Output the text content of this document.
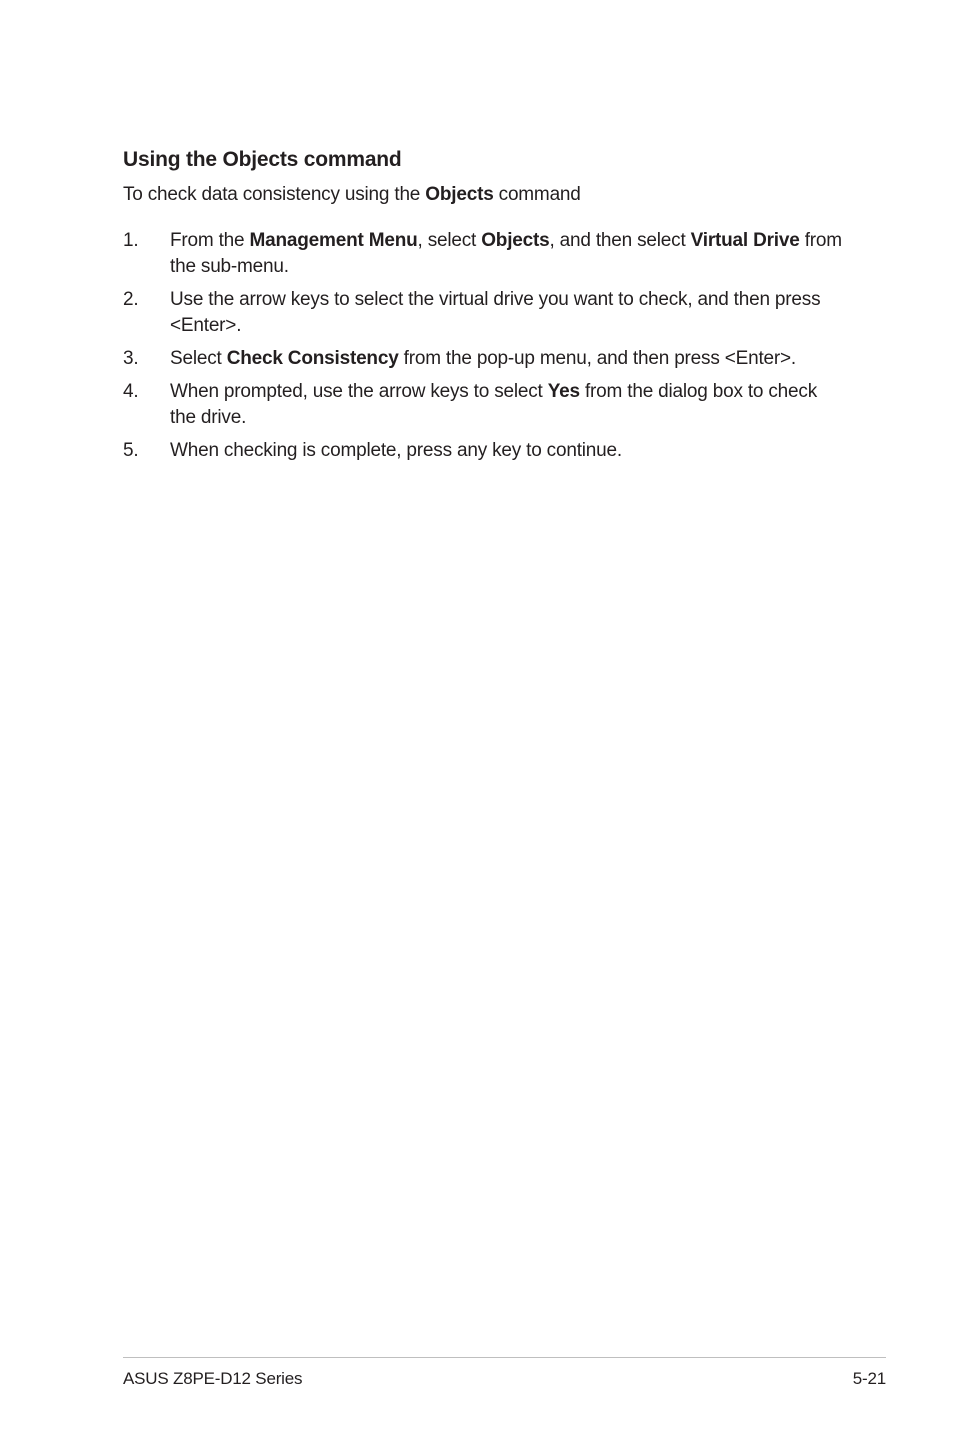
Using the Objects command

To check data consistency using the Objects command

1.	From the Management Menu, select Objects, and then select Virtual Drive from the sub-menu.
2.	Use the arrow keys to select the virtual drive you want to check, and then press <Enter>.
3.	Select Check Consistency from the pop-up menu, and then press <Enter>.
4.	When prompted, use the arrow keys to select Yes from the dialog box to check the drive.
5.	When checking is complete, press any key to continue.
ASUS Z8PE-D12 Series	5-21
